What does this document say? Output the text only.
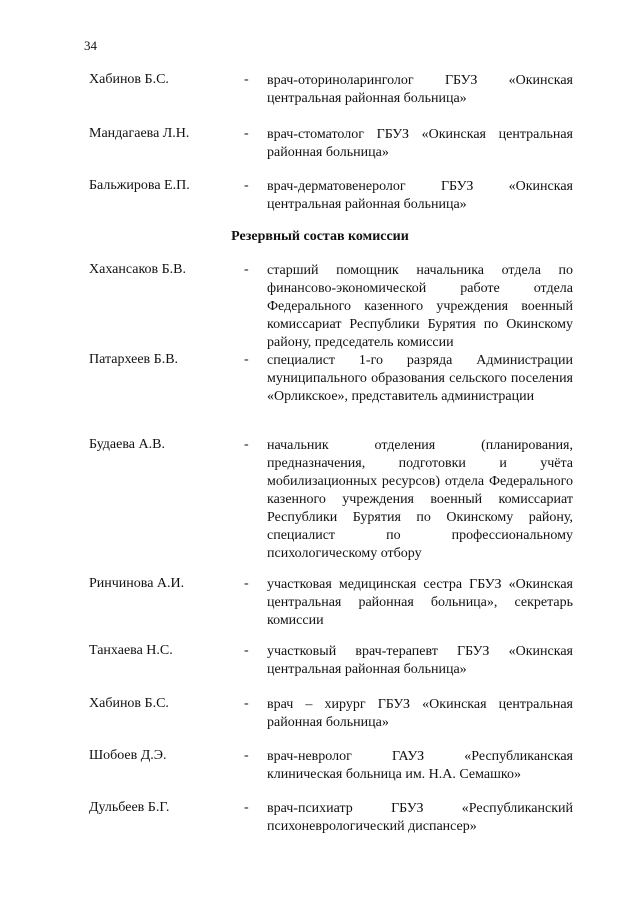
34
Хабинов Б.С.	- врач-оториноларинголог ГБУЗ «Окинская центральная районная больница»
Мандагаева Л.Н.	- врач-стоматолог ГБУЗ «Окинская центральная районная больница»
Бальжирова Е.П.	- врач-дерматовенеролог ГБУЗ «Окинская центральная районная больница»
Резервный состав комиссии
Хахансаков Б.В.	- старший помощник начальника отдела по финансово-экономической работе отдела Федерального казенного учреждения военный комиссариат Республики Бурятия по Окинскому району, председатель комиссии
Патархеев Б.В.	- специалист 1-го разряда Администрации муниципального образования сельского поселения «Орликское», представитель администрации
Будаева А.В.	- начальник отделения (планирования, предназначения, подготовки и учёта мобилизационных ресурсов) отдела Федерального казенного учреждения военный комиссариат Республики Бурятия по Окинскому району, специалист по профессиональному психологическому отбору
Ринчинова А.И.	- участковая медицинская сестра ГБУЗ «Окинская центральная районная больница», секретарь комиссии
Танхаева Н.С.	- участковый врач-терапевт ГБУЗ «Окинская центральная районная больница»
Хабинов Б.С.	- врач – хирург ГБУЗ «Окинская центральная районная больница»
Шобоев Д.Э.	- врач-невролог ГАУЗ «Республиканская клиническая больница им. Н.А. Семашко»
Дульбеев Б.Г.	- врач-психиатр ГБУЗ «Республиканский психоневрологический диспансер»
